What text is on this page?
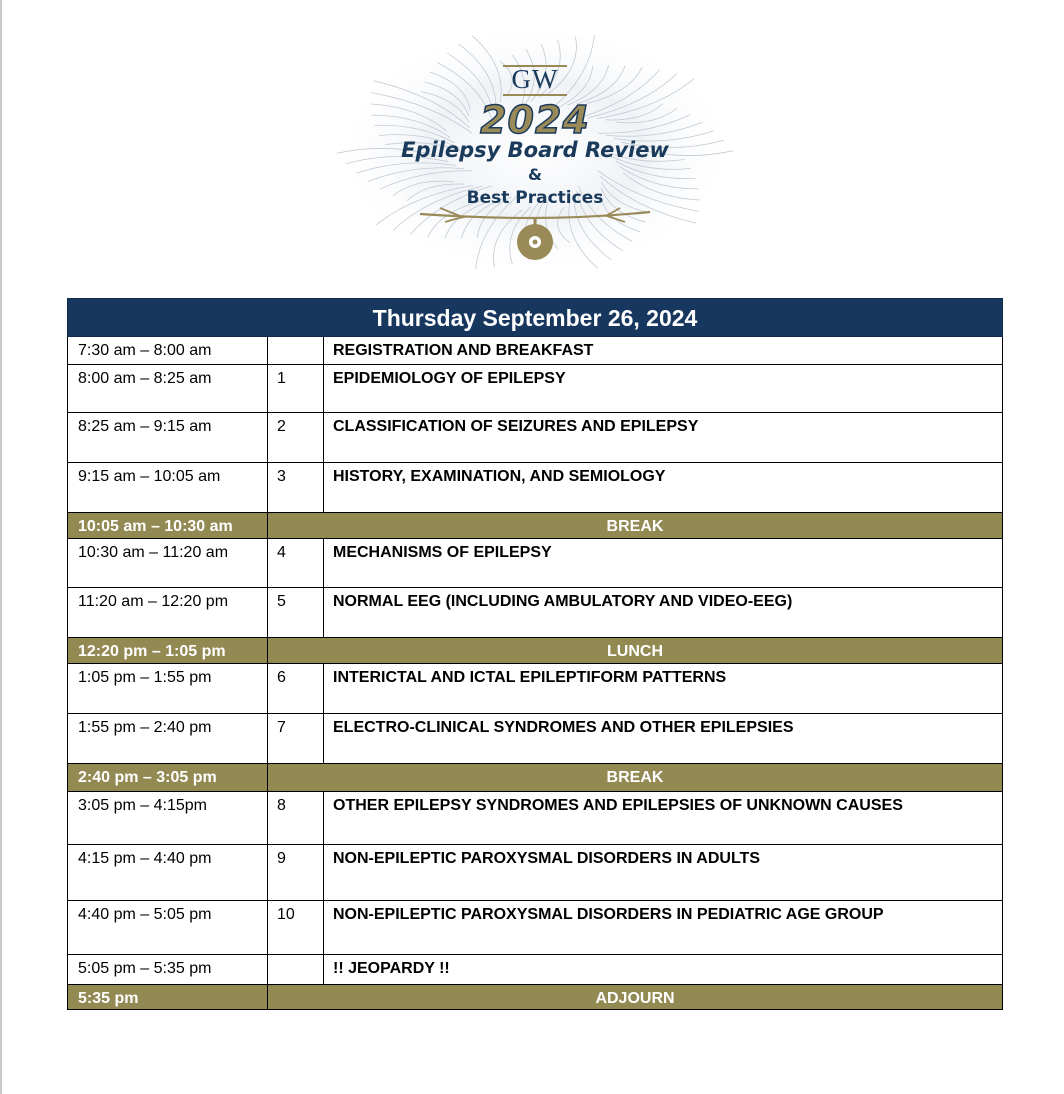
GW
2024
Epilepsy Board Review
&
Best Practices
Thursday September 26, 2024
7:30 am – 8:00 am	REGISTRATION AND BREAKFAST
8:00 am – 8:25 am	1	EPIDEMIOLOGY OF EPILEPSY
8:25 am – 9:15 am	2	CLASSIFICATION OF SEIZURES AND EPILEPSY
9:15 am – 10:05 am	3	HISTORY, EXAMINATION, AND SEMIOLOGY
10:05 am – 10:30 am	BREAK
10:30 am – 11:20 am	4	MECHANISMS OF EPILEPSY
11:20 am – 12:20 pm	5	NORMAL EEG (INCLUDING AMBULATORY AND VIDEO-EEG)
12:20 pm – 1:05 pm	LUNCH
1:05 pm – 1:55 pm	6	INTERICTAL AND ICTAL EPILEPTIFORM PATTERNS
1:55 pm – 2:40 pm	7	ELECTRO-CLINICAL SYNDROMES AND OTHER EPILEPSIES
2:40 pm – 3:05 pm	BREAK
3:05 pm – 4:15pm	8	OTHER EPILEPSY SYNDROMES AND EPILEPSIES OF UNKNOWN CAUSES
4:15 pm – 4:40 pm	9	NON-EPILEPTIC PAROXYSMAL DISORDERS IN ADULTS
4:40 pm – 5:05 pm	10	NON-EPILEPTIC PAROXYSMAL DISORDERS IN PEDIATRIC AGE GROUP
5:05 pm – 5:35 pm	!! JEOPARDY !!
5:35 pm	ADJOURN
